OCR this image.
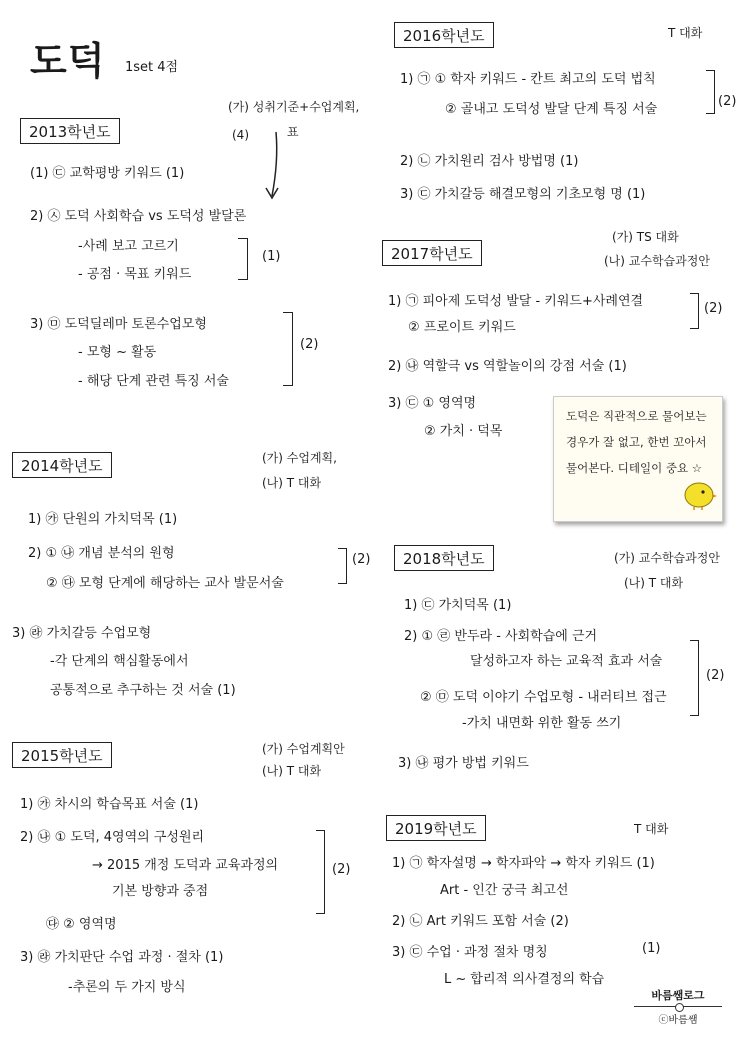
도덕 1set 4점
2013학년도
(가) 성취기준+수업계획,
표
(4)
(1) ㉢ 교학평방 키워드 (1)
2) ㉦ 도덕 사회학습 vs 도덕성 발달론
-사례 보고 고르기
- 공점 · 목표 키워드
(1)
3) ㉤ 도덕딜레마 토론수업모형
- 모형 ~ 활동
- 해당 단계 관련 특징 서술
(2)
2014학년도	(가) 수업계획,
(나) T 대화
1) ㉮ 단원의 가치덕목 (1)
2) ① ㉯ 개념 분석의 원형
② ㉰ 모형 단계에 해당하는 교사 발문서술
(2)
3) ㉱ 가치갈등 수업모형
-각 단계의 핵심활동에서
공통적으로 추구하는 것 서술 (1)
2015학년도	(가) 수업계획안
(나) T 대화
1) ㉮ 차시의 학습목표 서술 (1)
2) ㉯ ① 도덕, 4영역의 구성원리
→ 2015 개정 도덕과 교육과정의
기본 방향과 중점
㉰ ② 영역명
(2)
3) ㉱ 가치판단 수업 과정 · 절차 (1)
-추론의 두 가지 방식
2016학년도	T 대화
1) ㉠ ① 학자 키워드 - 칸트 최고의 도덕 법칙
② 골내고 도덕성 발달 단계 특징 서술
(2)
2) ㉡ 가치원리 검사 방법명 (1)
3) ㉢ 가치갈등 해결모형의 기초모형 명 (1)
2017학년도
(가) TS 대화
(나) 교수학습과정안
1) ㉠ 피아제 도덕성 발달 - 키워드+사례연결
② 프로이트 키워드
(2)
2) ㉯ 역할극 vs 역할놀이의 강점 서술 (1)
3) ㉢ ① 영역명
② 가치 · 덕목
도덕은 직관적으로 물어보는
경우가 잘 없고, 한번 꼬아서
물어본다. 디테일이 중요 ☆
2018학년도	(가) 교수학습과정안
(나) T 대화
1) ㉢ 가치덕목 (1)
2) ① ㉣ 반두라 - 사회학습에 근거
달성하고자 하는 교육적 효과 서술
② ㉤ 도덕 이야기 수업모형 - 내러티브 접근
-가치 내면화 위한 활동 쓰기
(2)
3) ㉯ 평가 방법 키워드
2019학년도	T 대화
1) ㉠ 학자설명 → 학자파악 → 학자 키워드 (1)
Art - 인간 궁극 최고선
2) ㉡ Art 키워드 포함 서술 (2)
3) ㉢ 수업 · 과정 절차 명칭	(1)
L ~ 합리적 의사결정의 학습
바름쌤로그
ⓒ바름쌤
